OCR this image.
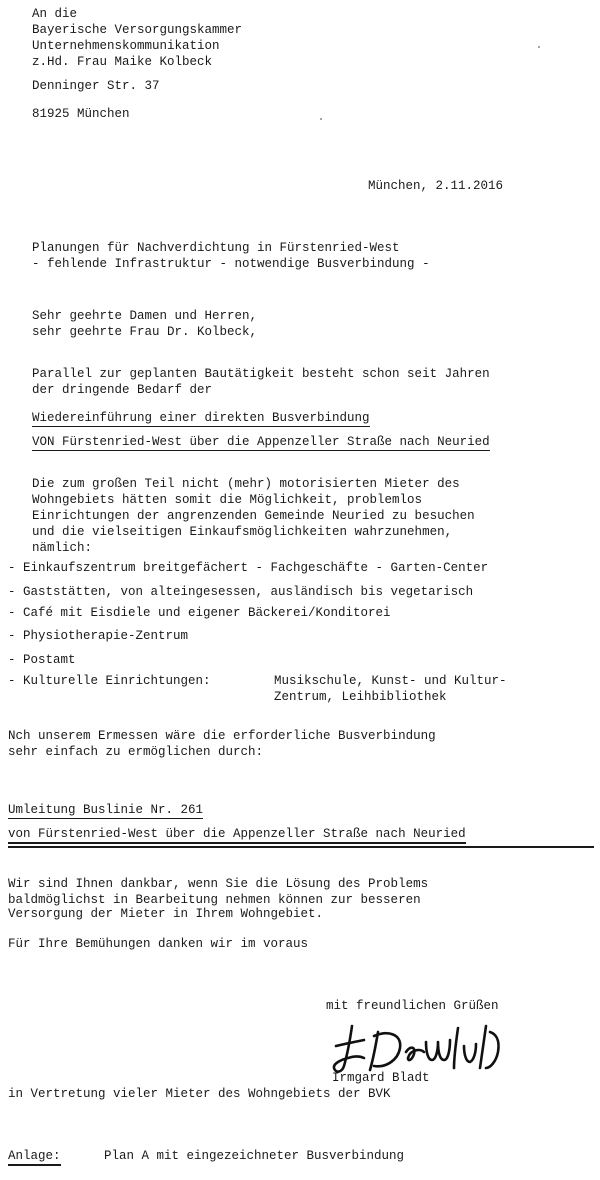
An die
Bayerische Versorgungskammer
Unternehmenskommunikation
z.Hd. Frau Maike Kolbeck
Denninger Str. 37
81925 München
München, 2.11.2016
Planungen für Nachverdichtung in Fürstenried-West
- fehlende Infrastruktur - notwendige Busverbindung -
Sehr geehrte Damen und Herren,
sehr geehrte Frau Dr. Kolbeck,
Parallel zur geplanten Bautätigkeit besteht schon seit Jahren
der dringende Bedarf der
Wiedereinführung einer direkten Busverbindung
VON Fürstenried-West über die Appenzeller Straße nach Neuried
Die zum großen Teil nicht (mehr) motorisierten Mieter des
Wohngebiets hätten somit die Möglichkeit, problemlos
Einrichtungen der angrenzenden Gemeinde Neuried zu besuchen
und die vielseitigen Einkaufsmöglichkeiten wahrzunehmen,
nämlich:
- Einkaufszentrum breitgefächert - Fachgeschäfte - Garten-Center
- Gaststätten, von alteingesessen, ausländisch bis vegetarisch
- Café mit Eisdiele und eigener Bäckerei/Konditorei
- Physiotherapie-Zentrum
- Postamt
- Kulturelle Einrichtungen:	Musikschule, Kunst- und Kultur-
Zentrum, Leihbibliothek
Nch unserem Ermessen wäre die erforderliche Busverbindung
sehr einfach zu ermöglichen durch:
Umleitung Buslinie Nr. 261
von Fürstenried-West über die Appenzeller Straße nach Neuried
Wir sind Ihnen dankbar, wenn Sie die Lösung des Problems
baldmöglichst in Bearbeitung nehmen können zur besseren
Versorgung der Mieter in Ihrem Wohngebiet.
Für Ihre Bemühungen danken wir im voraus
mit freundlichen Grüßen
Irmgard Bladt
in Vertretung vieler Mieter des Wohngebiets der BVK
Anlage:	Plan A mit eingezeichneter Busverbindung
